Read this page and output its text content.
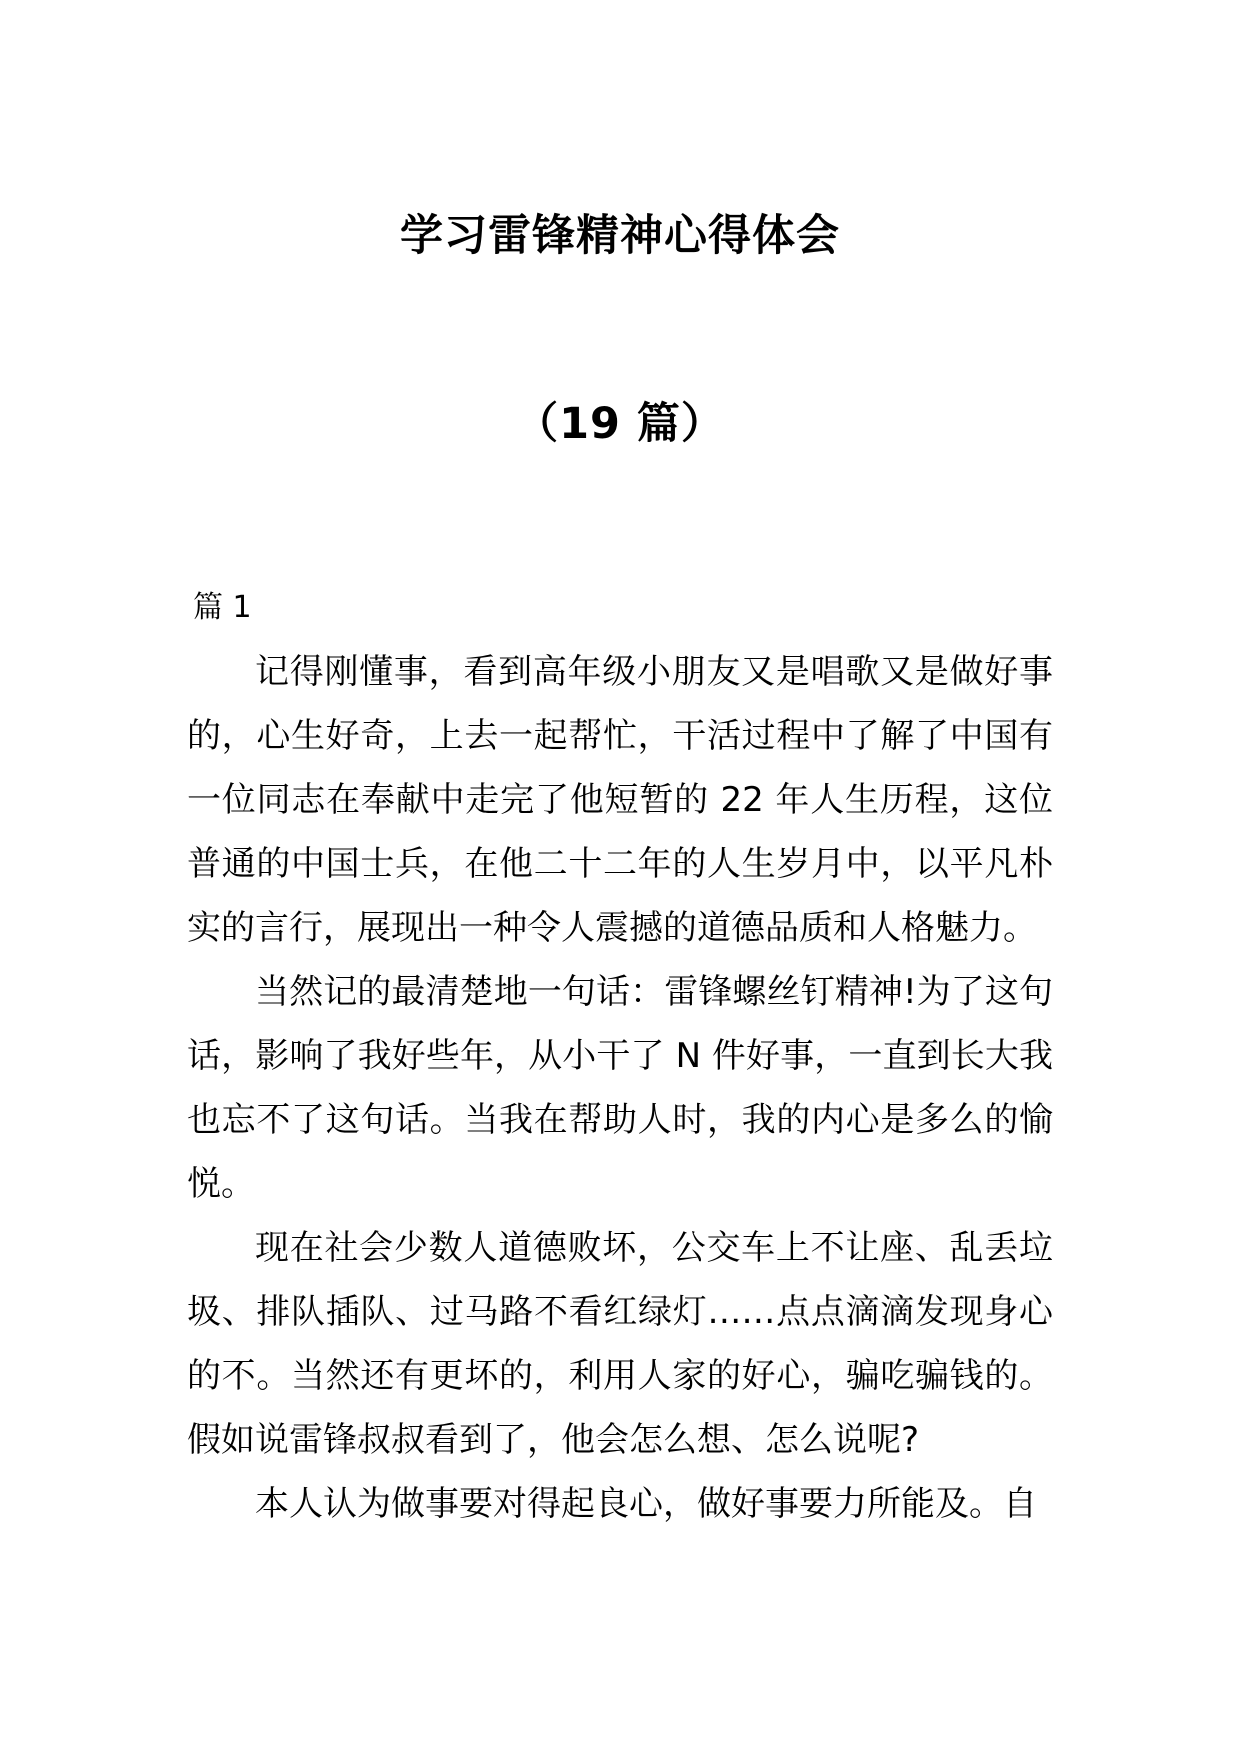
学习雷锋精神心得体会
（19 篇）
篇 1

记得刚懂事，看到高年级小朋友又是唱歌又是做好事的，心生好奇，上去一起帮忙，干活过程中了解了中国有一位同志在奉献中走完了他短暂的 22 年人生历程，这位普通的中国士兵，在他二十二年的人生岁月中，以平凡朴实的言行，展现出一种令人震撼的道德品质和人格魅力。

当然记的最清楚地一句话：雷锋螺丝钉精神!为了这句话，影响了我好些年，从小干了 N 件好事，一直到长大我也忘不了这句话。当我在帮助人时，我的内心是多么的愉悦。

现在社会少数人道德败坏，公交车上不让座、乱丢垃圾、排队插队、过马路不看红绿灯……点点滴滴发现身心的不。当然还有更坏的，利用人家的好心，骗吃骗钱的。假如说雷锋叔叔看到了，他会怎么想、怎么说呢?

本人认为做事要对得起良心，做好事要力所能及。自
